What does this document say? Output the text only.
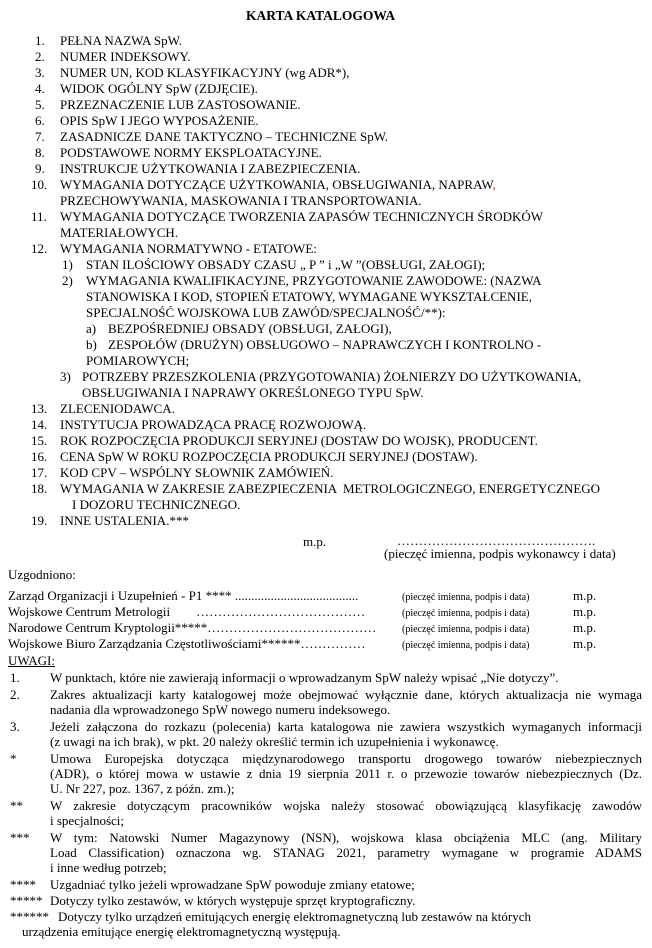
KARTA KATALOGOWA
1. PEŁNA NAZWA SpW.
2. NUMER INDEKSOWY.
3. NUMER UN, KOD KLASYFIKACYJNY (wg ADR*),
4. WIDOK OGÓLNY SpW (ZDJĘCIE).
5. PRZEZNACZENIE LUB ZASTOSOWANIE.
6. OPIS SpW I JEGO WYPOSAŻENIE.
7. ZASADNICZE DANE TAKTYCZNO – TECHNICZNE SpW.
8. PODSTAWOWE NORMY EKSPLOATACYJNE.
9. INSTRUKCJE UŻYTKOWANIA I ZABEZPIECZENIA.
10. WYMAGANIA DOTYCZĄCE UŻYTKOWANIA, OBSŁUGIWANIA, NAPRAW,
PRZECHOWYWANIA, MASKOWANIA I TRANSPORTOWANIA.
11. WYMAGANIA DOTYCZĄCE TWORZENIA ZAPASÓW TECHNICZNYCH ŚRODKÓW
MATERIAŁOWYCH.
12. WYMAGANIA NORMATYWNO - ETATOWE:
1) STAN ILOŚCIOWY OBSADY CZASU „ P ” i „W ”(OBSŁUGI, ZAŁOGI);
2) WYMAGANIA KWALIFIKACYJNE, PRZYGOTOWANIE ZAWODOWE: (NAZWA
STANOWISKA I KOD, STOPIEŃ ETATOWY, WYMAGANE WYKSZTAŁCENIE,
SPECJALNOŚĆ WOJSKOWA LUB ZAWÓD/SPECJALNOŚĆ/**):
a) BEZPOŚREDNIEJ OBSADY (OBSŁUGI, ZAŁOGI),
b) ZESPOŁÓW (DRUŻYN) OBSŁUGOWO – NAPRAWCZYCH I KONTROLNO -
POMIAROWYCH;
3) POTRZEBY PRZESZKOLENIA (PRZYGOTOWANIA) ŻOŁNIERZY DO UŻYTKOWANIA,
OBSŁUGIWANIA I NAPRAWY OKREŚLONEGO TYPU SpW.
13. ZLECENIODAWCA.
14. INSTYTUCJA PROWADZĄCA PRACĘ ROZWOJOWĄ.
15. ROK ROZPOCZĘCIA PRODUKCJI SERYJNEJ (DOSTAW DO WOJSK), PRODUCENT.
16. CENA SpW W ROKU ROZPOCZĘCIA PRODUKCJI SERYJNEJ (DOSTAW).
17. KOD CPV – WSPÓLNY SŁOWNIK ZAMÓWIEŃ.
18. WYMAGANIA W ZAKRESIE ZABEZPIECZENIA  METROLOGICZNEGO, ENERGETYCZNEGO
I DOZORU TECHNICZNEGO.
19. INNE USTALENIA.***
m.p.	……………………………………….
(pieczęć imienna, podpis wykonawcy i data)
Uzgodniono:
Zarząd Organizacji i Uzupełnień - P1 **** ......................................	(pieczęć imienna, podpis i data)	m.p.
Wojskowe Centrum Metrologii        …………………………………	(pieczęć imienna, podpis i data)	m.p.
Narodowe Centrum Kryptologii*****…………………………………	(pieczęć imienna, podpis i data)	m.p.
Wojskowe Biuro Zarządzania Częstotliwościami******……………	(pieczęć imienna, podpis i data)	m.p.
UWAGI:
1. W punktach, które nie zawierają informacji o wprowadzanym SpW należy wpisać „Nie dotyczy”.
2. Zakres aktualizacji karty katalogowej może obejmować wyłącznie dane, których aktualizacja nie wymaga
nadania dla wprowadzonego SpW nowego numeru indeksowego.
3. Jeżeli załączona do rozkazu (polecenia) karta katalogowa nie zawiera wszystkich wymaganych informacji
(z uwagi na ich brak), w pkt. 20 należy określić termin ich uzupełnienia i wykonawcę.
*	Umowa Europejska dotycząca międzynarodowego transportu drogowego towarów niebezpiecznych
(ADR), o której mowa w ustawie z dnia 19 sierpnia 2011 r. o przewozie towarów niebezpiecznych (Dz.
U. Nr 227, poz. 1367, z późn. zm.);
** W zakresie dotyczącym pracowników wojska należy stosować obowiązującą klasyfikację zawodów
i specjalności;
*** W tym: Natowski Numer Magazynowy (NSN), wojskowa klasa obciążenia MLC (ang. Military
Load Classification) oznaczona wg. STANAG 2021, parametry wymagane w programie ADAMS
i inne według potrzeb;
**** Uzgadniać tylko jeżeli wprowadzane SpW powoduje zmiany etatowe;
***** Dotyczy tylko zestawów, w których występuje sprzęt kryptograficzny.
****** Dotyczy tylko urządzeń emitujących energię elektromagnetyczną lub zestawów na których
urządzenia emitujące energię elektromagnetyczną występują.
